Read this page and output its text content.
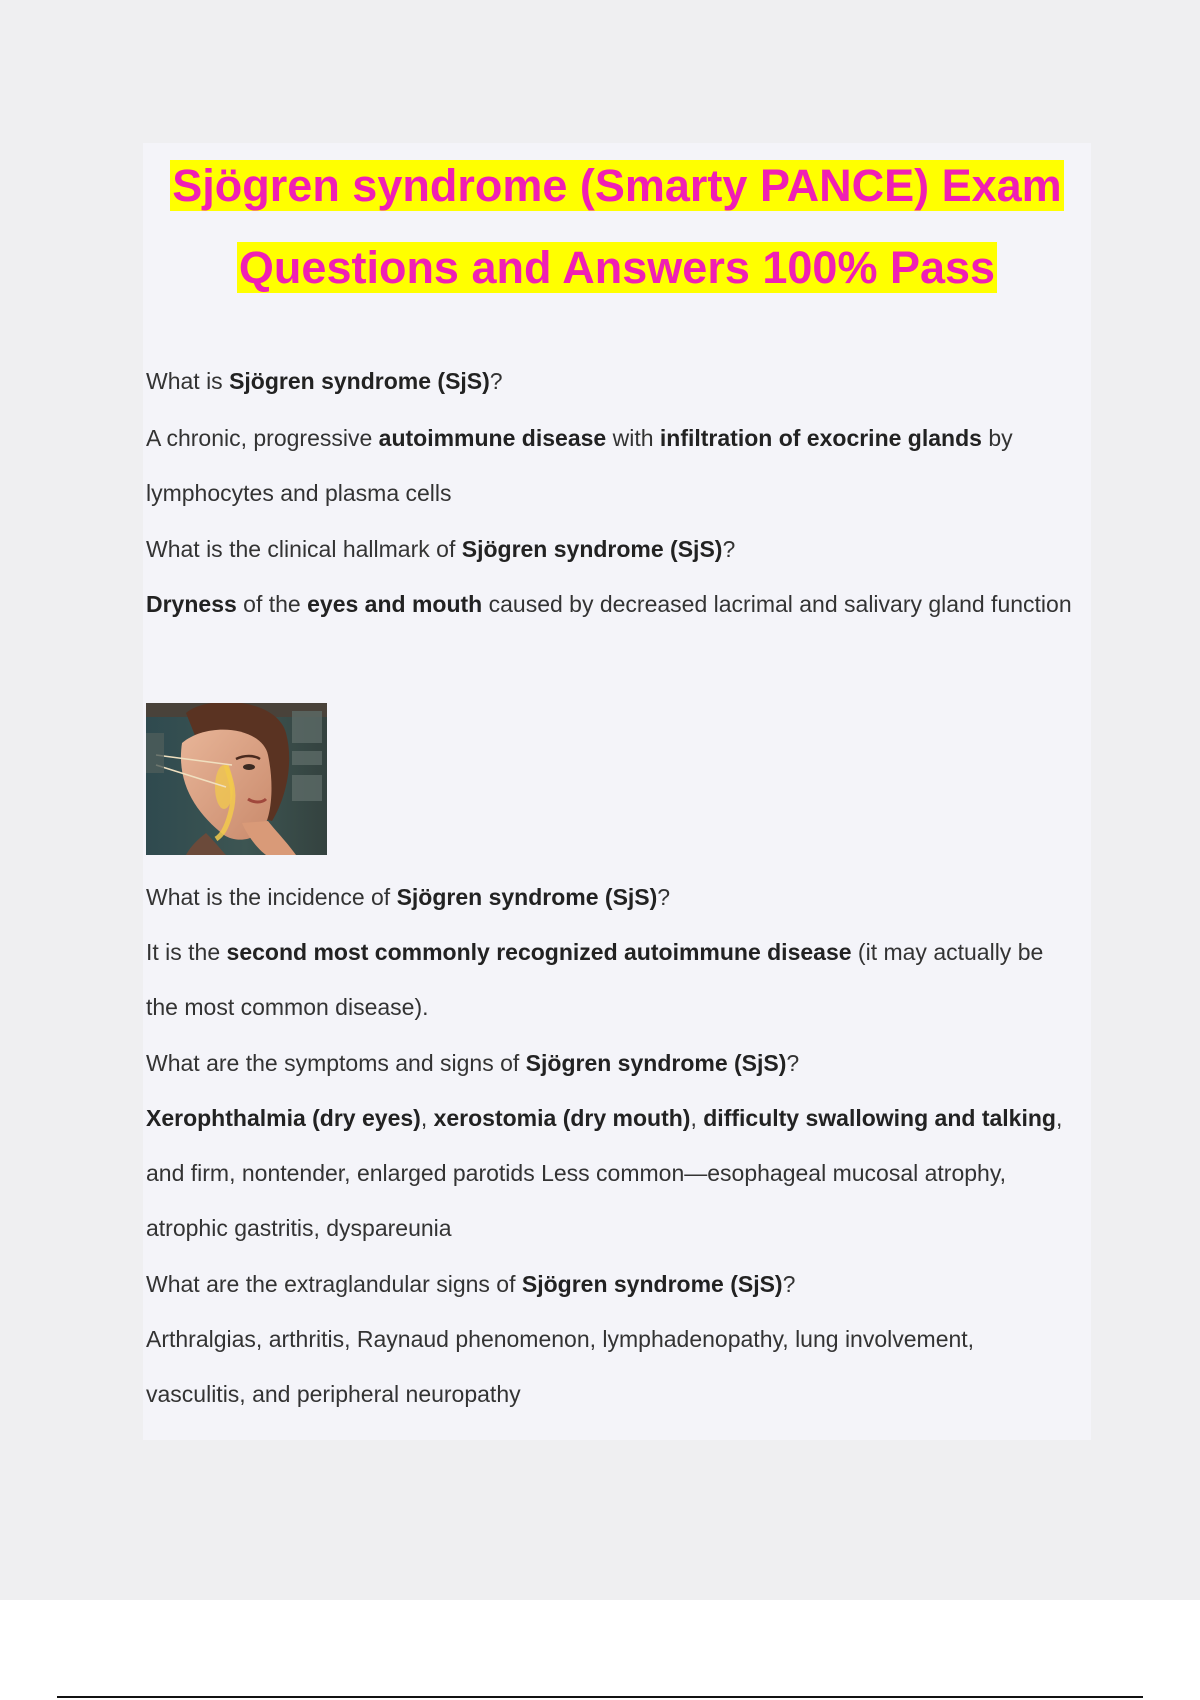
Sjögren syndrome (Smarty PANCE) Exam
Questions and Answers 100% Pass

What is Sjögren syndrome (SjS)?

A chronic, progressive autoimmune disease with infiltration of exocrine glands by lymphocytes and plasma cells

What is the clinical hallmark of Sjögren syndrome (SjS)?

Dryness of the eyes and mouth caused by decreased lacrimal and salivary gland function

What is the incidence of Sjögren syndrome (SjS)?

It is the second most commonly recognized autoimmune disease (it may actually be the most common disease).

What are the symptoms and signs of Sjögren syndrome (SjS)?

Xerophthalmia (dry eyes), xerostomia (dry mouth), difficulty swallowing and talking, and firm, nontender, enlarged parotids Less common—esophageal mucosal atrophy, atrophic gastritis, dyspareunia

What are the extraglandular signs of Sjögren syndrome (SjS)?

Arthralgias, arthritis, Raynaud phenomenon, lymphadenopathy, lung involvement, vasculitis, and peripheral neuropathy
